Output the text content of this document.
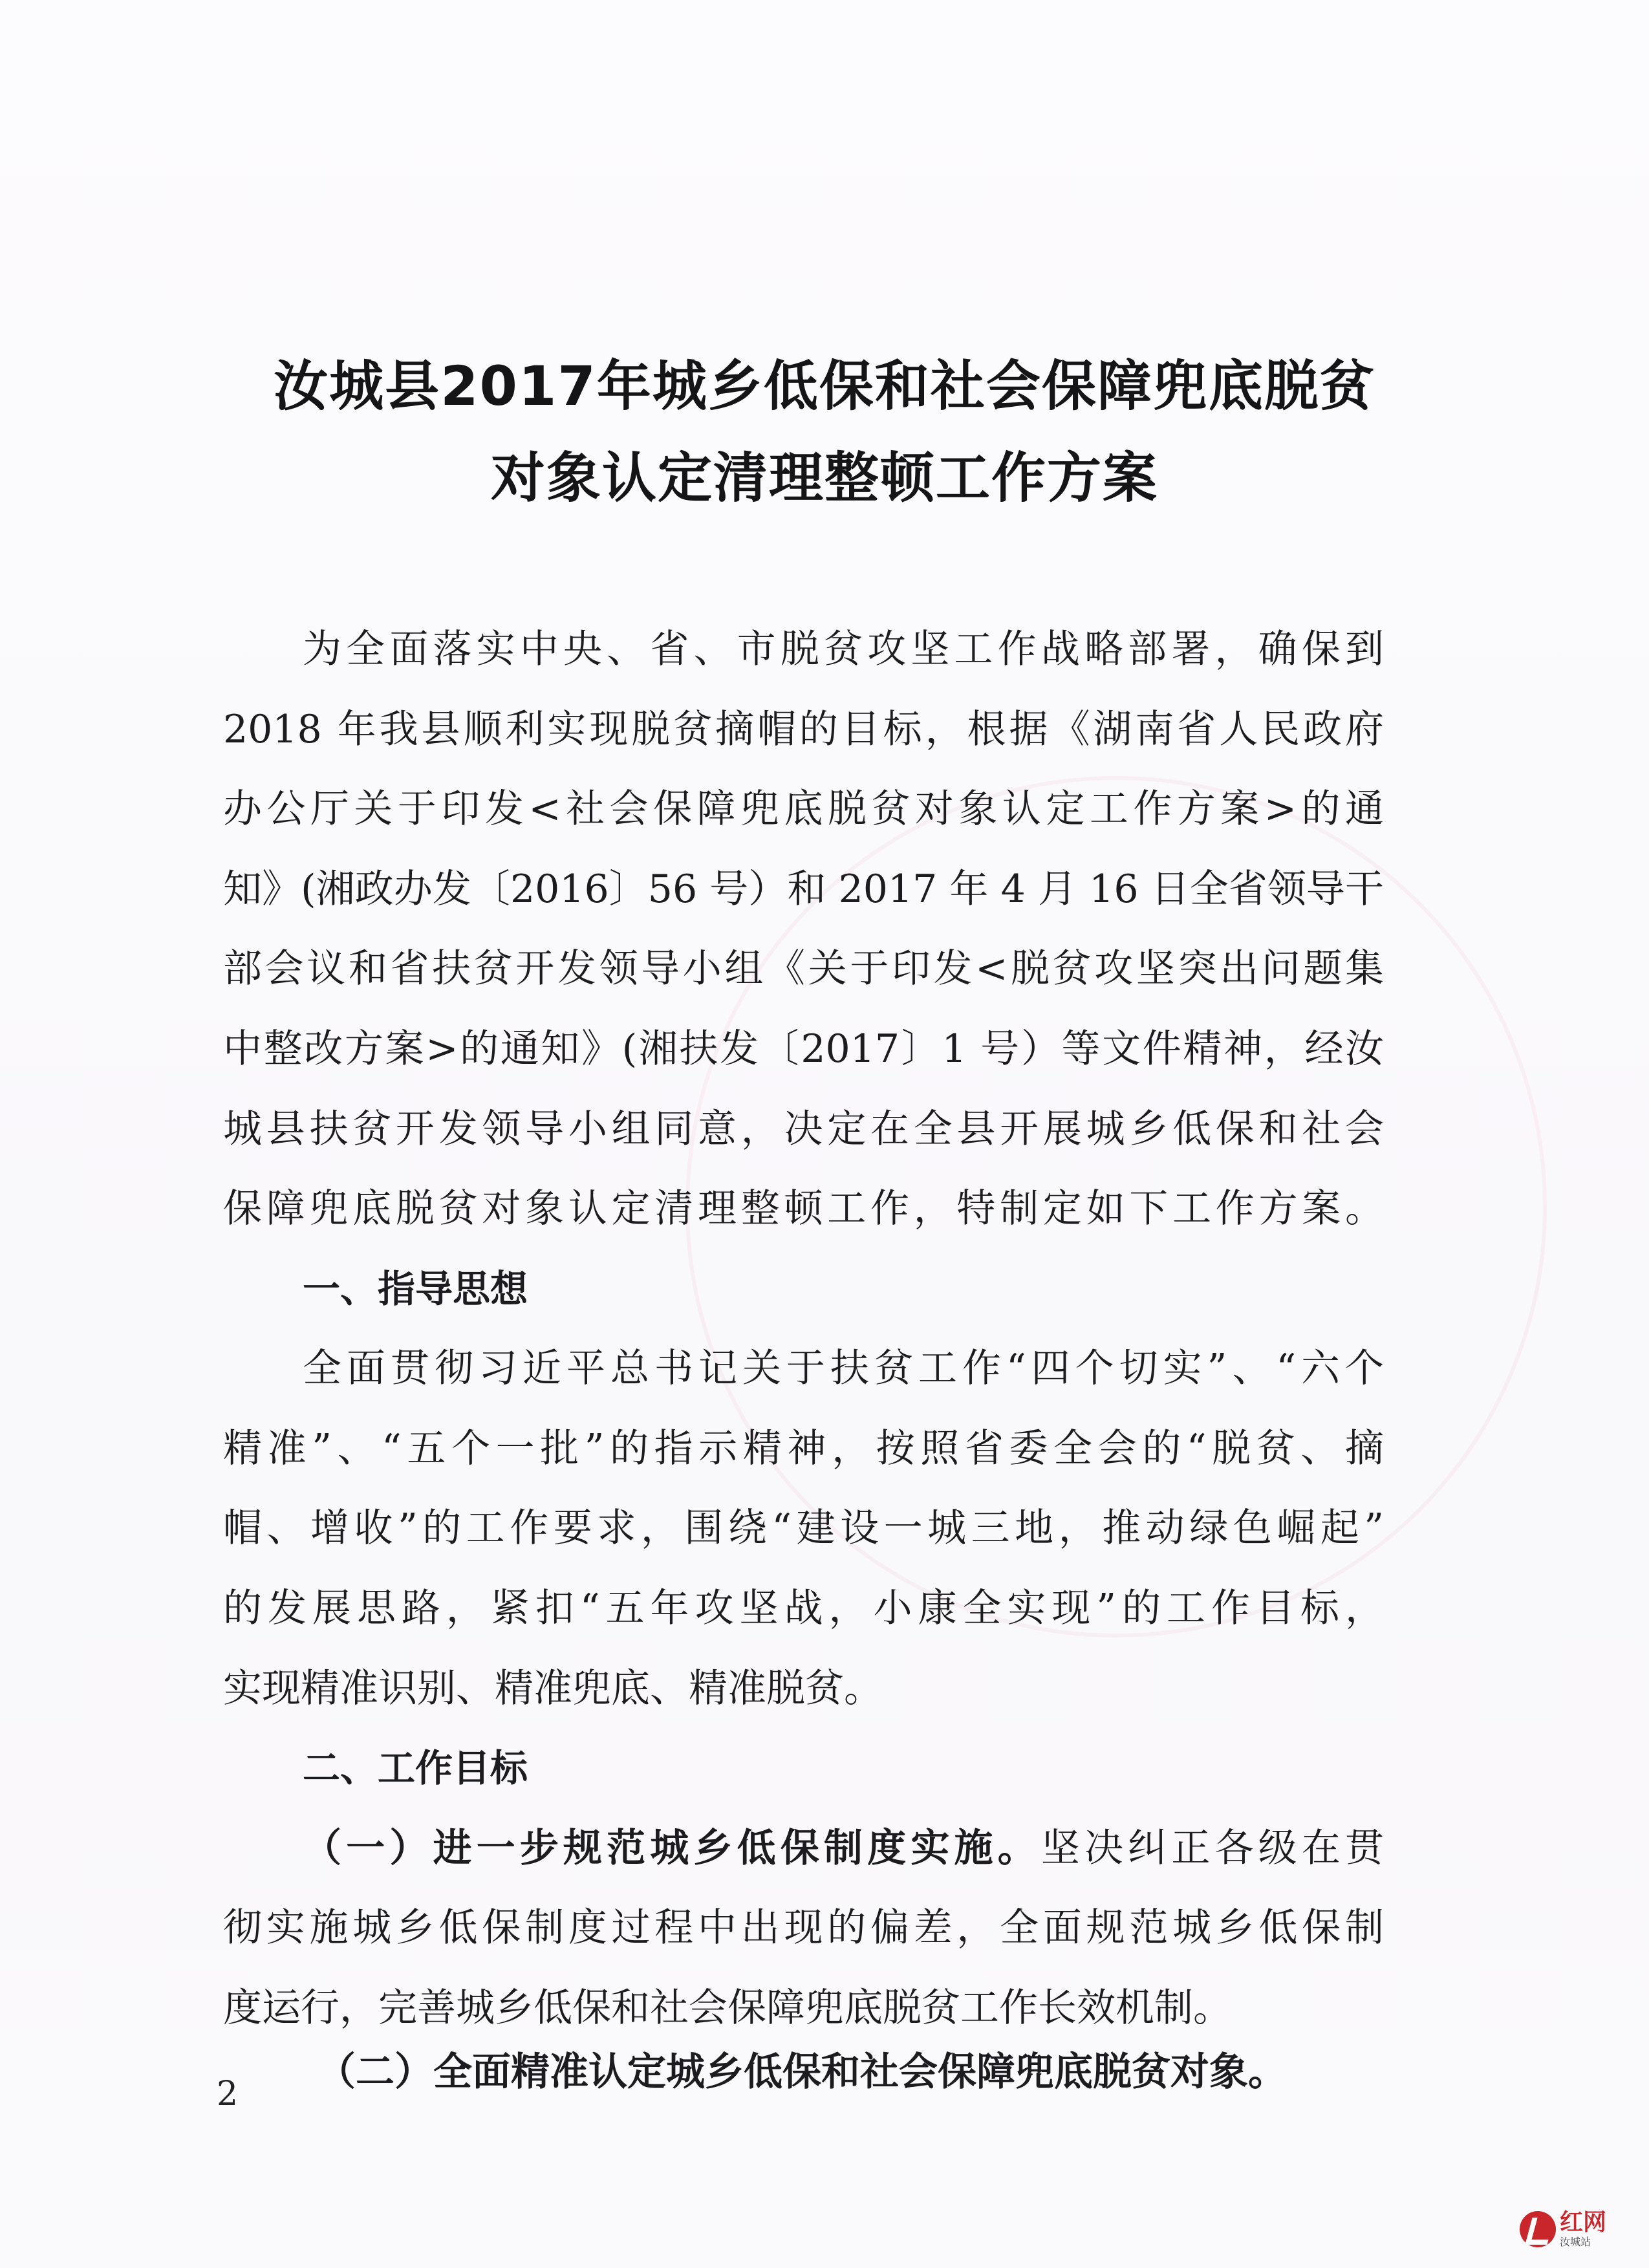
汝城县2017年城乡低保和社会保障兜底脱贫
对象认定清理整顿工作方案
为全面落实中央、省、市脱贫攻坚工作战略部署，确保到
2018 年我县顺利实现脱贫摘帽的目标，根据《湖南省人民政府
办公厅关于印发<社会保障兜底脱贫对象认定工作方案>的通
知》(湘政办发〔2016〕56 号）和 2017 年 4 月 16 日全省领导干
部会议和省扶贫开发领导小组《关于印发<脱贫攻坚突出问题集
中整改方案>的通知》(湘扶发〔2017〕1 号）等文件精神，经汝
城县扶贫开发领导小组同意，决定在全县开展城乡低保和社会
保障兜底脱贫对象认定清理整顿工作，特制定如下工作方案。
一、指导思想
全面贯彻习近平总书记关于扶贫工作“四个切实”、“六个
精准”、“五个一批”的指示精神，按照省委全会的“脱贫、摘
帽、增收”的工作要求，围绕“建设一城三地，推动绿色崛起”
的发展思路，紧扣“五年攻坚战，小康全实现”的工作目标，
实现精准识别、精准兜底、精准脱贫。
二、工作目标
（一）进一步规范城乡低保制度实施。坚决纠正各级在贯
彻实施城乡低保制度过程中出现的偏差，全面规范城乡低保制
度运行，完善城乡低保和社会保障兜底脱贫工作长效机制。
（二）全面精准认定城乡低保和社会保障兜底脱贫对象。
2
红网
汝城站
